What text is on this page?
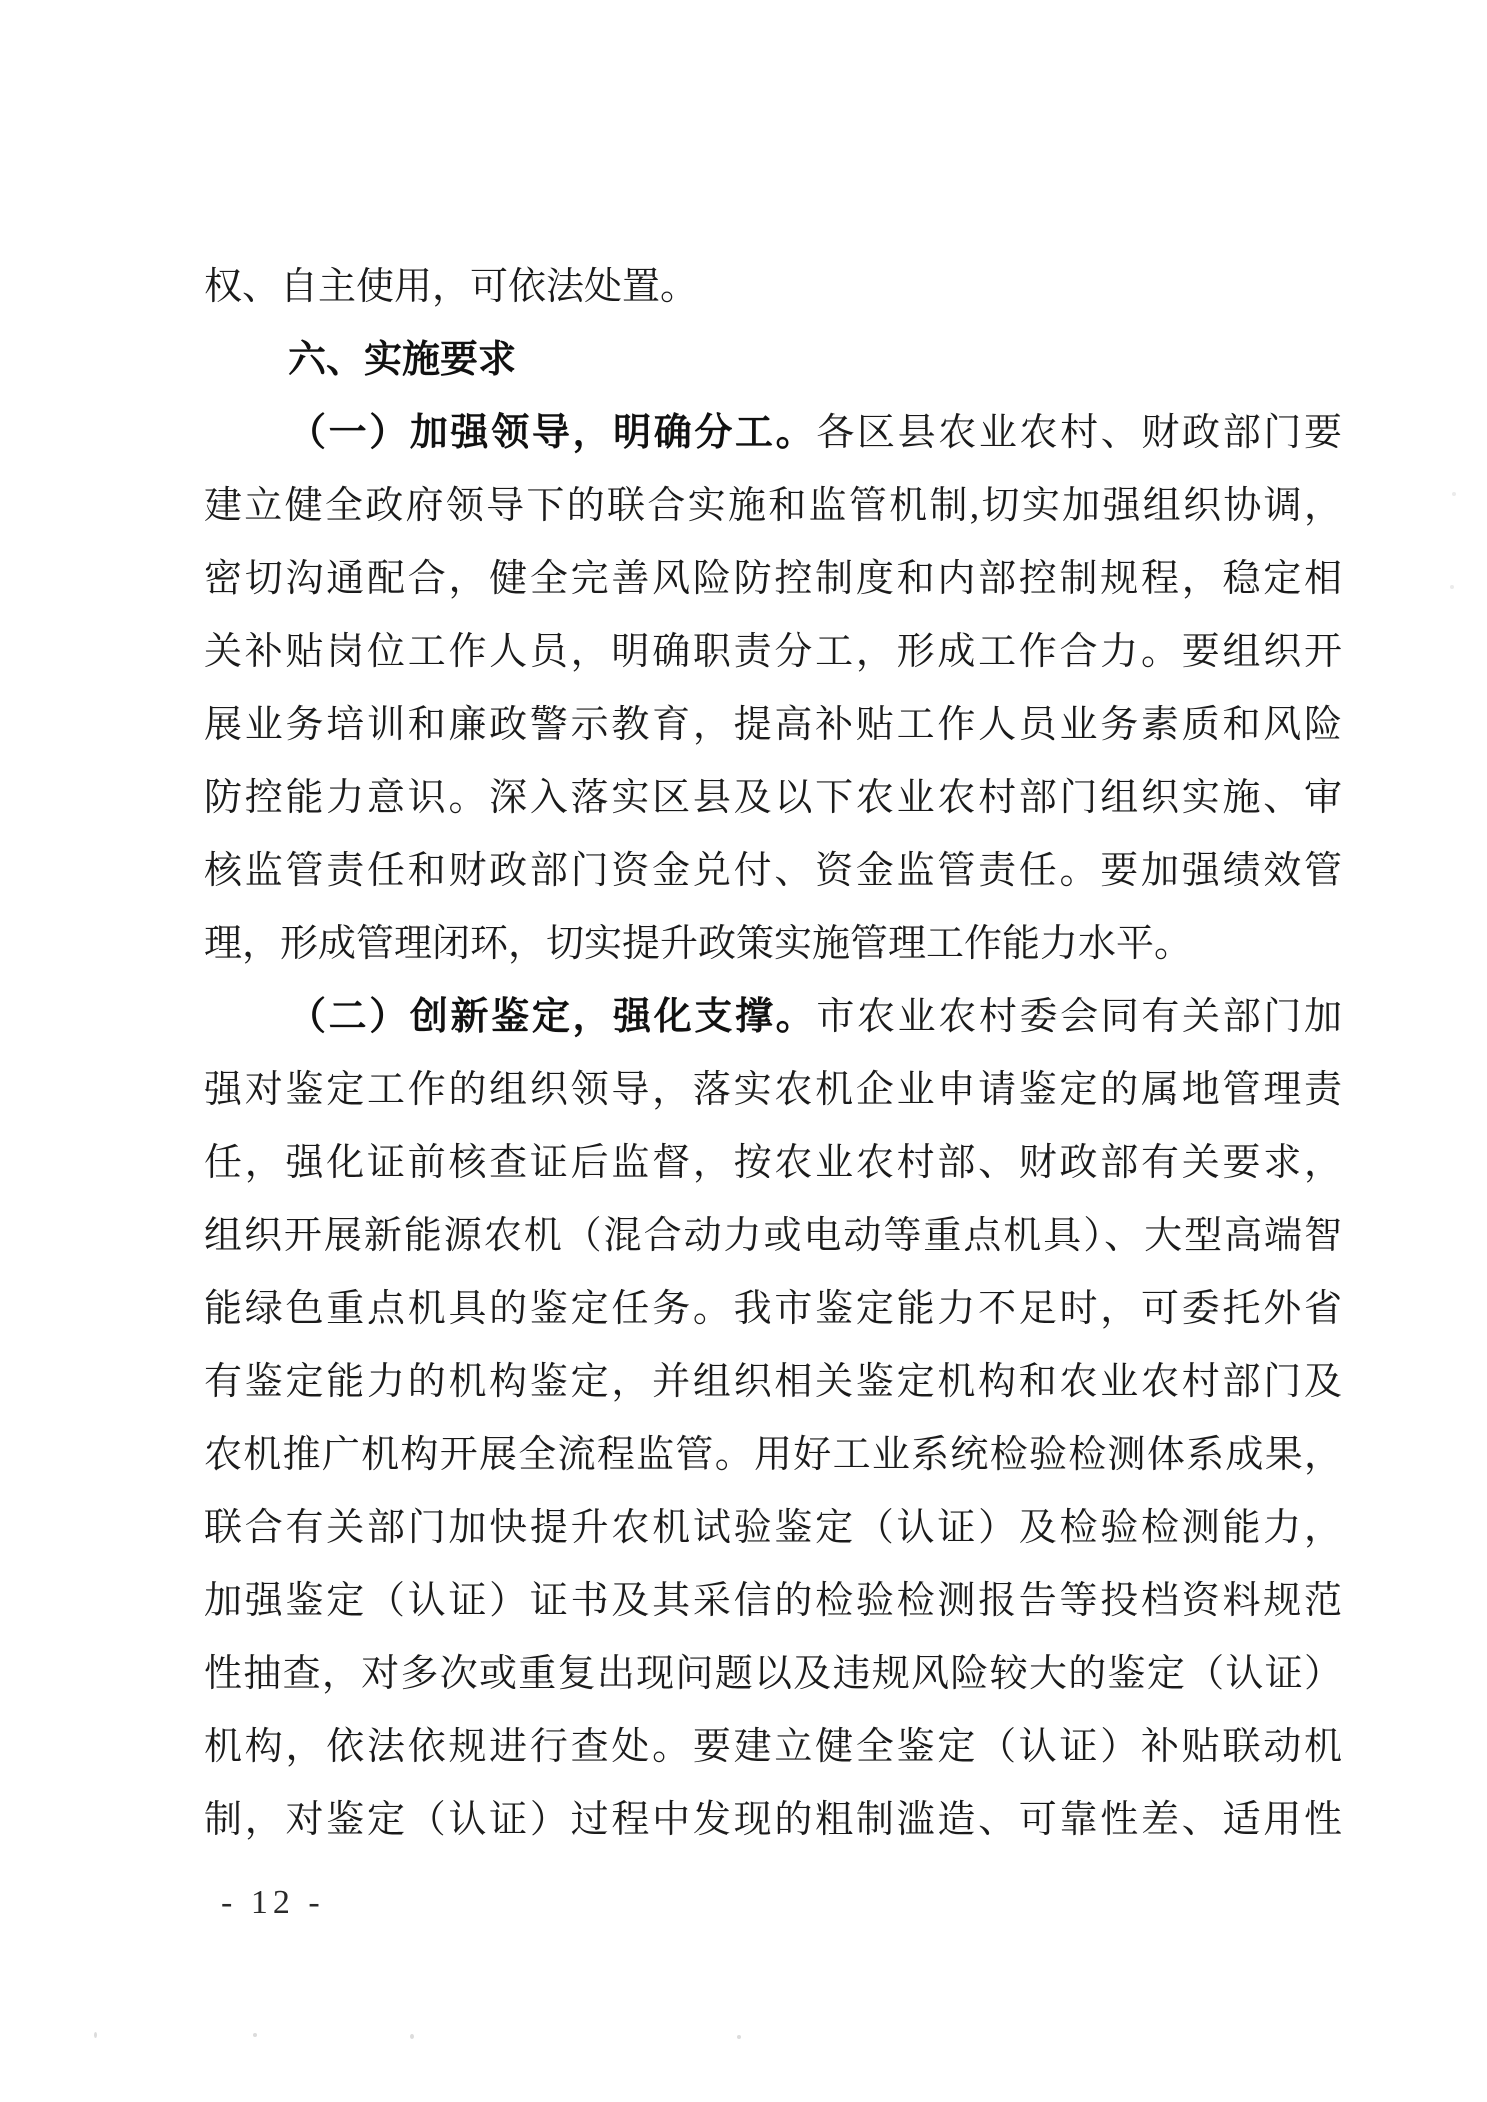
权、自主使用，可依法处置。
六、实施要求
（一）加强领导，明确分工。各区县农业农村、财政部门要
建立健全政府领导下的联合实施和监管机制,切实加强组织协调，
密切沟通配合，健全完善风险防控制度和内部控制规程，稳定相
关补贴岗位工作人员，明确职责分工，形成工作合力。要组织开
展业务培训和廉政警示教育，提高补贴工作人员业务素质和风险
防控能力意识。深入落实区县及以下农业农村部门组织实施、审
核监管责任和财政部门资金兑付、资金监管责任。要加强绩效管
理，形成管理闭环，切实提升政策实施管理工作能力水平。
（二）创新鉴定，强化支撑。市农业农村委会同有关部门加
强对鉴定工作的组织领导，落实农机企业申请鉴定的属地管理责
任，强化证前核查证后监督，按农业农村部、财政部有关要求，
组织开展新能源农机（混合动力或电动等重点机具）、大型高端智
能绿色重点机具的鉴定任务。我市鉴定能力不足时，可委托外省
有鉴定能力的机构鉴定，并组织相关鉴定机构和农业农村部门及
农机推广机构开展全流程监管。用好工业系统检验检测体系成果，
联合有关部门加快提升农机试验鉴定（认证）及检验检测能力，
加强鉴定（认证）证书及其采信的检验检测报告等投档资料规范
性抽查，对多次或重复出现问题以及违规风险较大的鉴定（认证）
机构，依法依规进行查处。要建立健全鉴定（认证）补贴联动机
制，对鉴定（认证）过程中发现的粗制滥造、可靠性差、适用性
- 12 -
